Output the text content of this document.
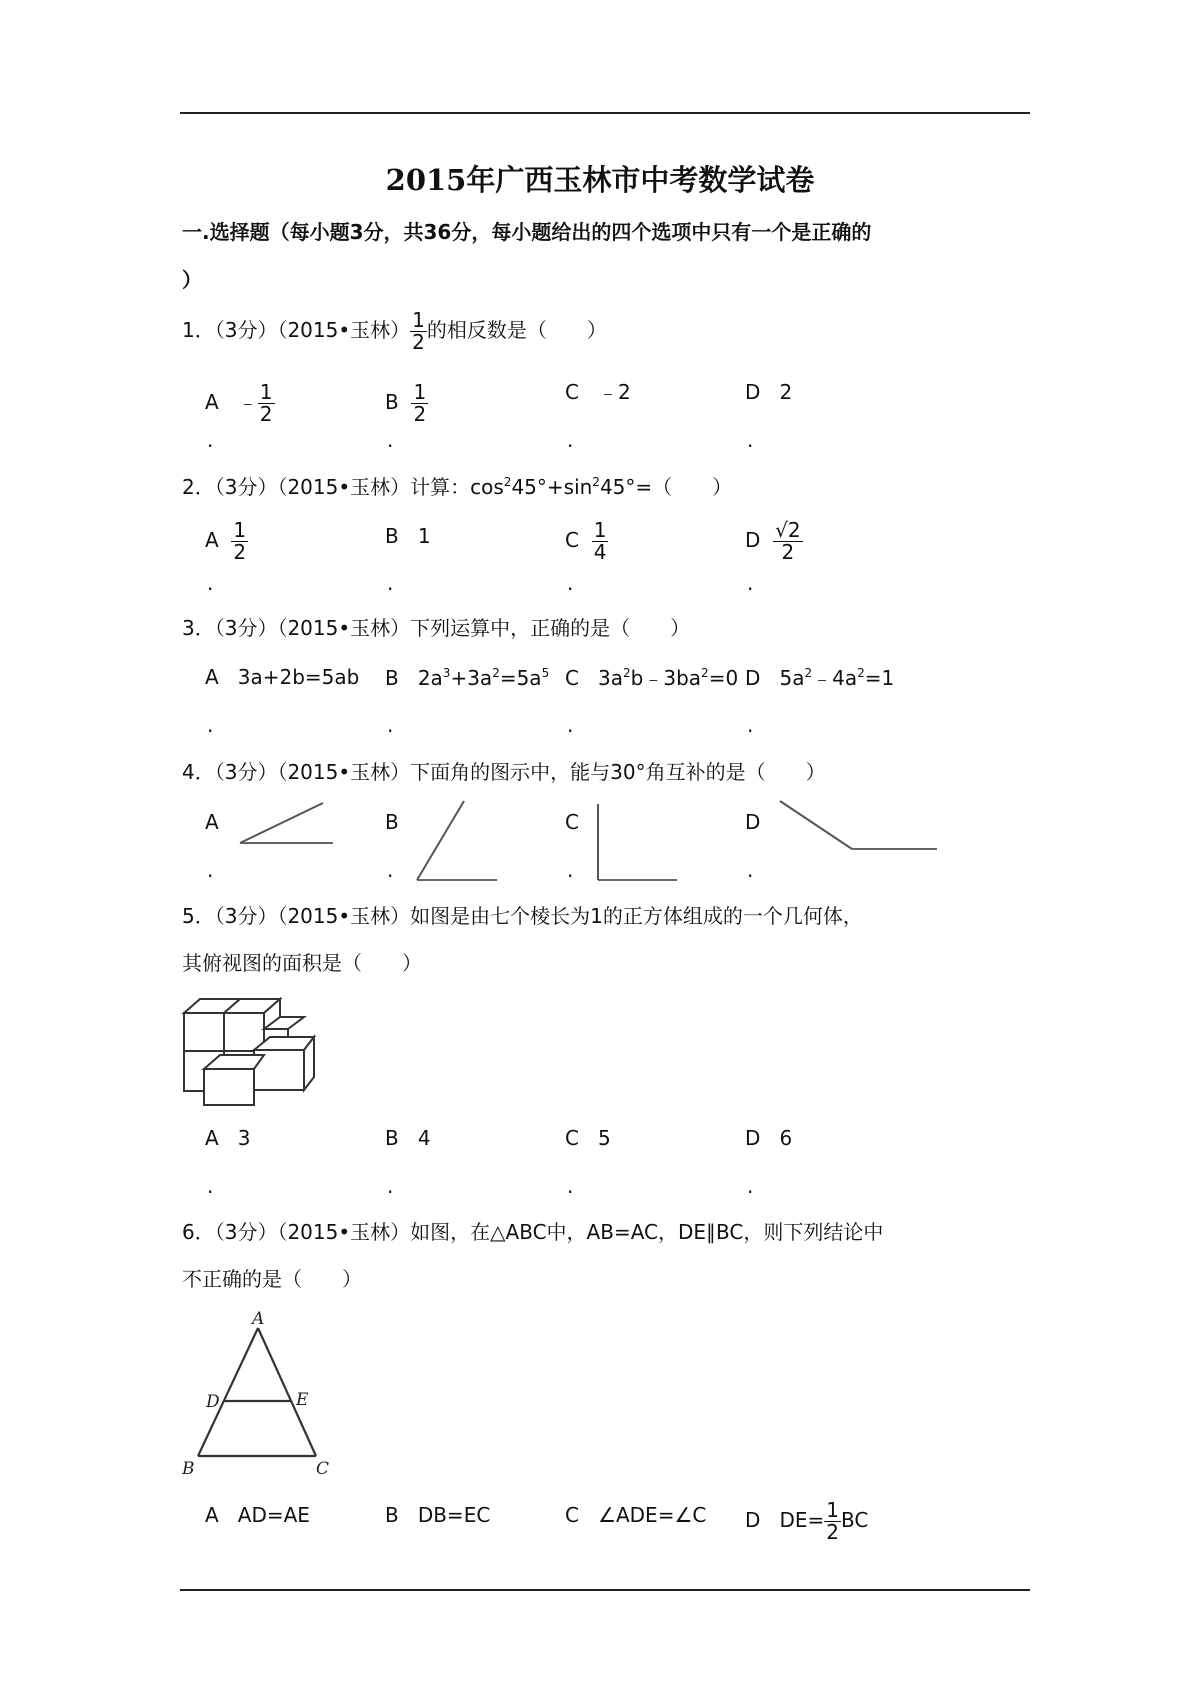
2015年广西玉林市中考数学试卷
一.选择题（每小题3分，共36分，每小题给出的四个选项中只有一个是正确的
）
1．（3分）（2015•玉林） $\frac{1}{2}$ 的相反数是（　　）
A ﹣ $\frac{1}{2}$	B $\frac{1}{2}$	C ﹣2	D 2
.	.	.	.
2．（3分）（2015•玉林）计算：$\cos^245^\circ+\sin^245^\circ=$（　　）
A $\frac{1}{2}$	B 1	C $\frac{1}{4}$	D $\frac{√2}{2}$
.	.	.	.
3．（3分）（2015•玉林）下列运算中，正确的是（　　）
A 3a+2b=5ab B $2a^3+3a^2=5a^5$ C $3a^2b﹣3ba^2=0$ D $5a^2﹣4a^2=1$
.	.	.	.
4．（3分）（2015•玉林）下面角的图示中，能与30°角互补的是（　　）
A	B	C	D
.	.	.	.
5．（3分）（2015•玉林）如图是由七个棱长为1的正方体组成的一个几何体，
其俯视图的面积是（　　）
A 3	B 4	C 5	D 6
.	.	.	.
6．（3分）（2015•玉林）如图，在△ABC中，AB=AC，DE∥BC，则下列结论中
不正确的是（　　）
A
D	E
B	C
A AD=AE	B DB=EC	C ∠ADE=∠C D $DE= \frac{1}{2}$ BC
